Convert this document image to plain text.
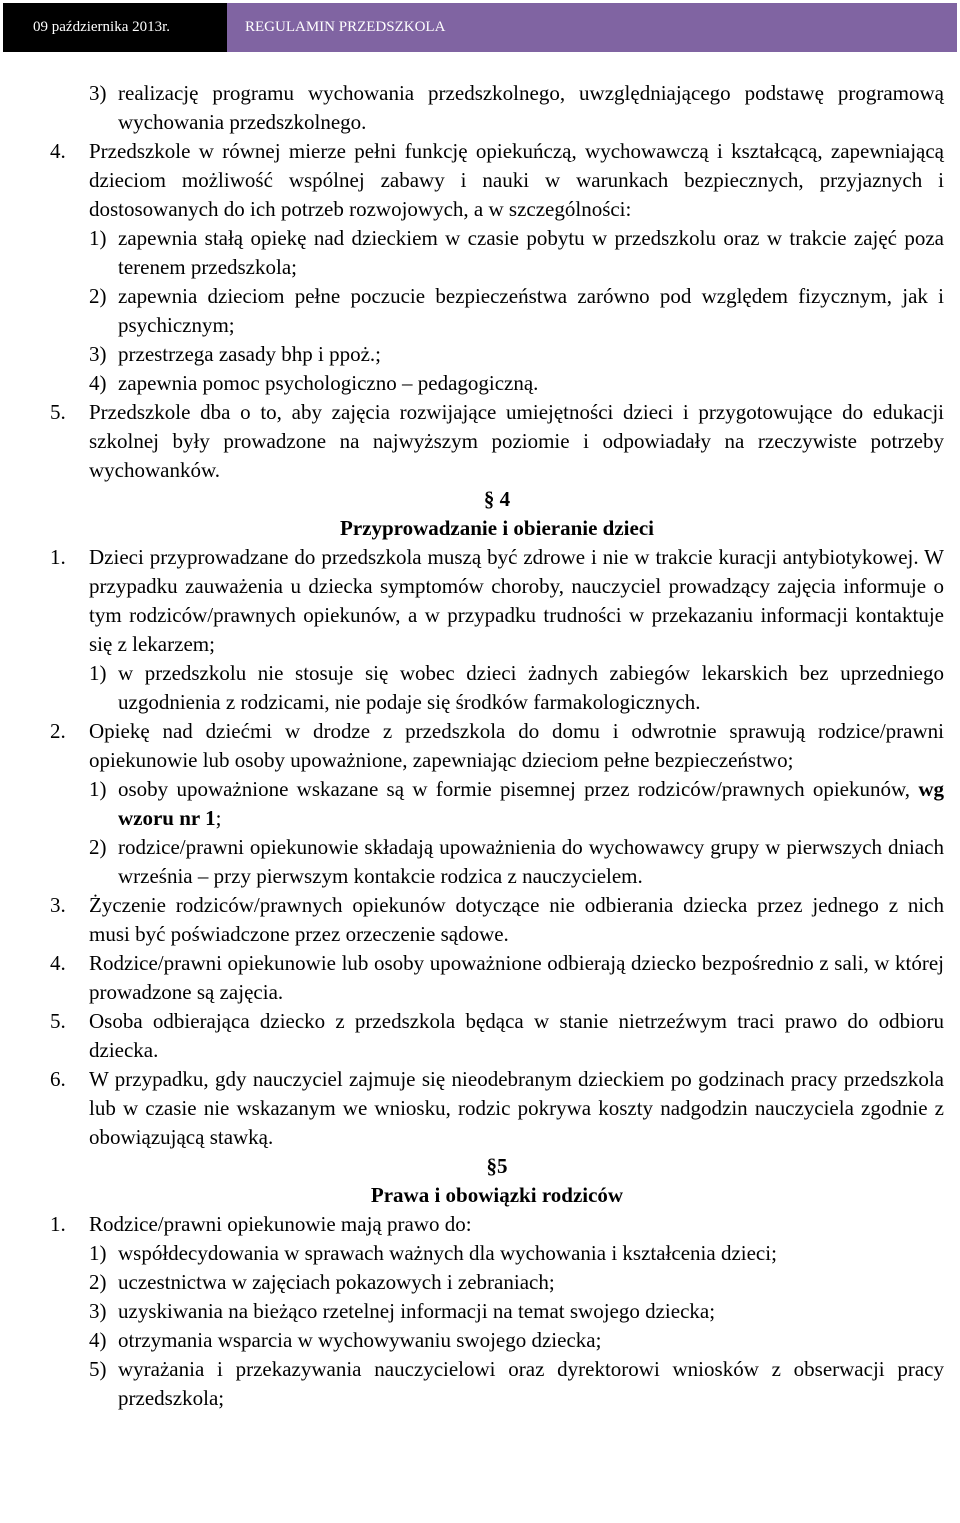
09 października 2013r.	REGULAMIN PRZEDSZKOLA
3) realizację programu wychowania przedszkolnego, uwzględniającego podstawę programową wychowania przedszkolnego.
4. Przedszkole w równej mierze pełni funkcję opiekuńczą, wychowawczą i kształcącą, zapewniającą dzieciom możliwość wspólnej zabawy i nauki w warunkach bezpiecznych, przyjaznych i dostosowanych do ich potrzeb rozwojowych, a w szczególności:
1) zapewnia stałą opiekę nad dzieckiem w czasie pobytu w przedszkolu oraz w trakcie zajęć poza terenem przedszkola;
2) zapewnia dzieciom pełne poczucie bezpieczeństwa zarówno pod względem fizycznym, jak i psychicznym;
3) przestrzega zasady bhp i ppoż.;
4) zapewnia pomoc psychologiczno – pedagogiczną.
5. Przedszkole dba o to, aby zajęcia rozwijające umiejętności dzieci i przygotowujące do edukacji szkolnej były prowadzone na najwyższym poziomie i odpowiadały na rzeczywiste potrzeby wychowanków.
§ 4
Przyprowadzanie i obieranie dzieci
1. Dzieci przyprowadzane do przedszkola muszą być zdrowe i nie w trakcie kuracji antybiotykowej. W przypadku zauważenia u dziecka symptomów choroby, nauczyciel prowadzący zajęcia informuje o tym rodziców/prawnych opiekunów, a w przypadku trudności w przekazaniu informacji kontaktuje się z lekarzem;
1) w przedszkolu nie stosuje się wobec dzieci żadnych zabiegów lekarskich bez uprzedniego uzgodnienia z rodzicami, nie podaje się środków farmakologicznych.
2. Opiekę nad dziećmi w drodze z przedszkola do domu i odwrotnie sprawują rodzice/prawni opiekunowie lub osoby upoważnione, zapewniając dzieciom pełne bezpieczeństwo;
1) osoby upoważnione wskazane są w formie pisemnej przez rodziców/prawnych opiekunów, wg wzoru nr 1;
2) rodzice/prawni opiekunowie składają upoważnienia do wychowawcy grupy w pierwszych dniach września – przy pierwszym kontakcie rodzica z nauczycielem.
3. Życzenie rodziców/prawnych opiekunów dotyczące nie odbierania dziecka przez jednego z nich musi być poświadczone przez orzeczenie sądowe.
4. Rodzice/prawni opiekunowie lub osoby upoważnione odbierają dziecko bezpośrednio z sali, w której prowadzone są zajęcia.
5. Osoba odbierająca dziecko z przedszkola będąca w stanie nietrzeźwym traci prawo do odbioru dziecka.
6. W przypadku, gdy nauczyciel zajmuje się nieodebranym dzieckiem po godzinach pracy przedszkola lub w czasie nie wskazanym we wniosku, rodzic pokrywa koszty nadgodzin nauczyciela zgodnie z obowiązującą stawką.
§5
Prawa i obowiązki rodziców
1. Rodzice/prawni opiekunowie mają prawo do:
1) współdecydowania w sprawach ważnych dla wychowania i kształcenia dzieci;
2) uczestnictwa w zajęciach pokazowych i zebraniach;
3) uzyskiwania na bieżąco rzetelnej informacji na temat swojego dziecka;
4) otrzymania wsparcia w wychowywaniu swojego dziecka;
5) wyrażania i przekazywania nauczycielowi oraz dyrektorowi wniosków z obserwacji pracy przedszkola;
